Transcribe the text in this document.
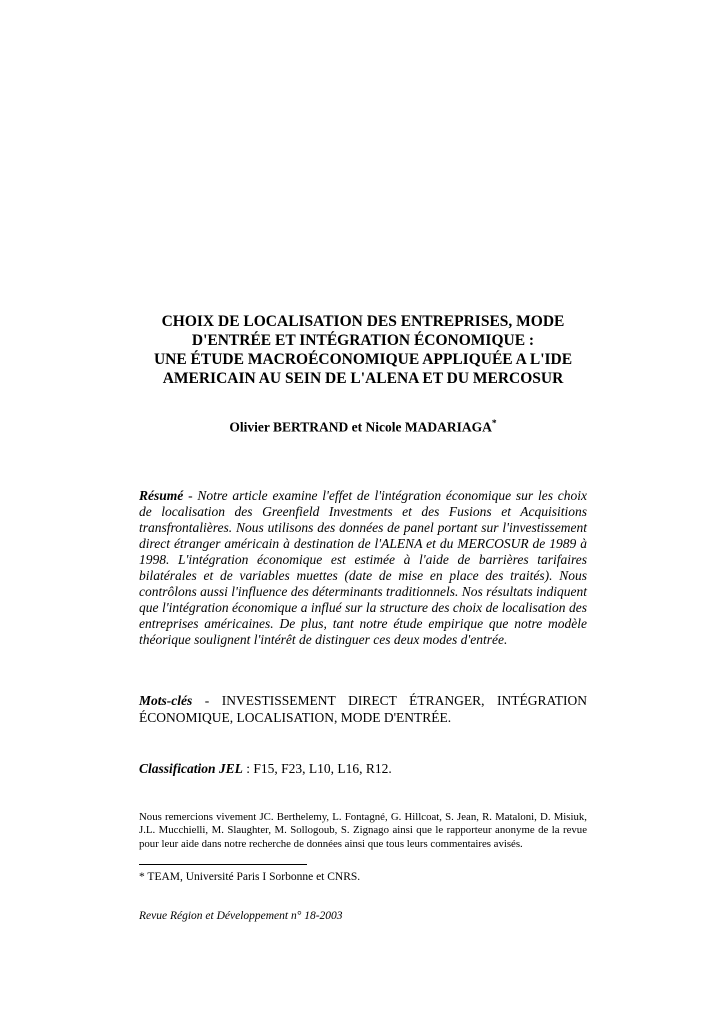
CHOIX DE LOCALISATION DES ENTREPRISES, MODE
D'ENTRÉE ET INTÉGRATION ÉCONOMIQUE :
UNE ÉTUDE MACROÉCONOMIQUE APPLIQUÉE A L'IDE
AMERICAIN AU SEIN DE L'ALENA ET DU MERCOSUR

Olivier BERTRAND et Nicole MADARIAGA*

Résumé - Notre article examine l'effet de l'intégration économique sur les choix de localisation des Greenfield Investments et des Fusions et Acquisitions transfrontalières. Nous utilisons des données de panel portant sur l'investissement direct étranger américain à destination de l'ALENA et du MERCOSUR de 1989 à 1998. L'intégration économique est estimée à l'aide de barrières tarifaires bilatérales et de variables muettes (date de mise en place des traités). Nous contrôlons aussi l'influence des déterminants traditionnels. Nos résultats indiquent que l'intégration économique a influé sur la structure des choix de localisation des entreprises américaines. De plus, tant notre étude empirique que notre modèle théorique soulignent l'intérêt de distinguer ces deux modes d'entrée.

Mots-clés - INVESTISSEMENT DIRECT ÉTRANGER, INTÉGRATION ÉCONOMIQUE, LOCALISATION, MODE D'ENTRÉE.

Classification JEL : F15, F23, L10, L16, R12.

Nous remercions vivement JC. Berthelemy, L. Fontagné, G. Hillcoat, S. Jean, R. Mataloni, D. Misiuk, J.L. Mucchielli, M. Slaughter, M. Sollogoub, S. Zignago ainsi que le rapporteur anonyme de la revue pour leur aide dans notre recherche de données ainsi que tous leurs commentaires avisés.

* TEAM, Université Paris I Sorbonne et CNRS.

Revue Région et Développement n° 18-2003
